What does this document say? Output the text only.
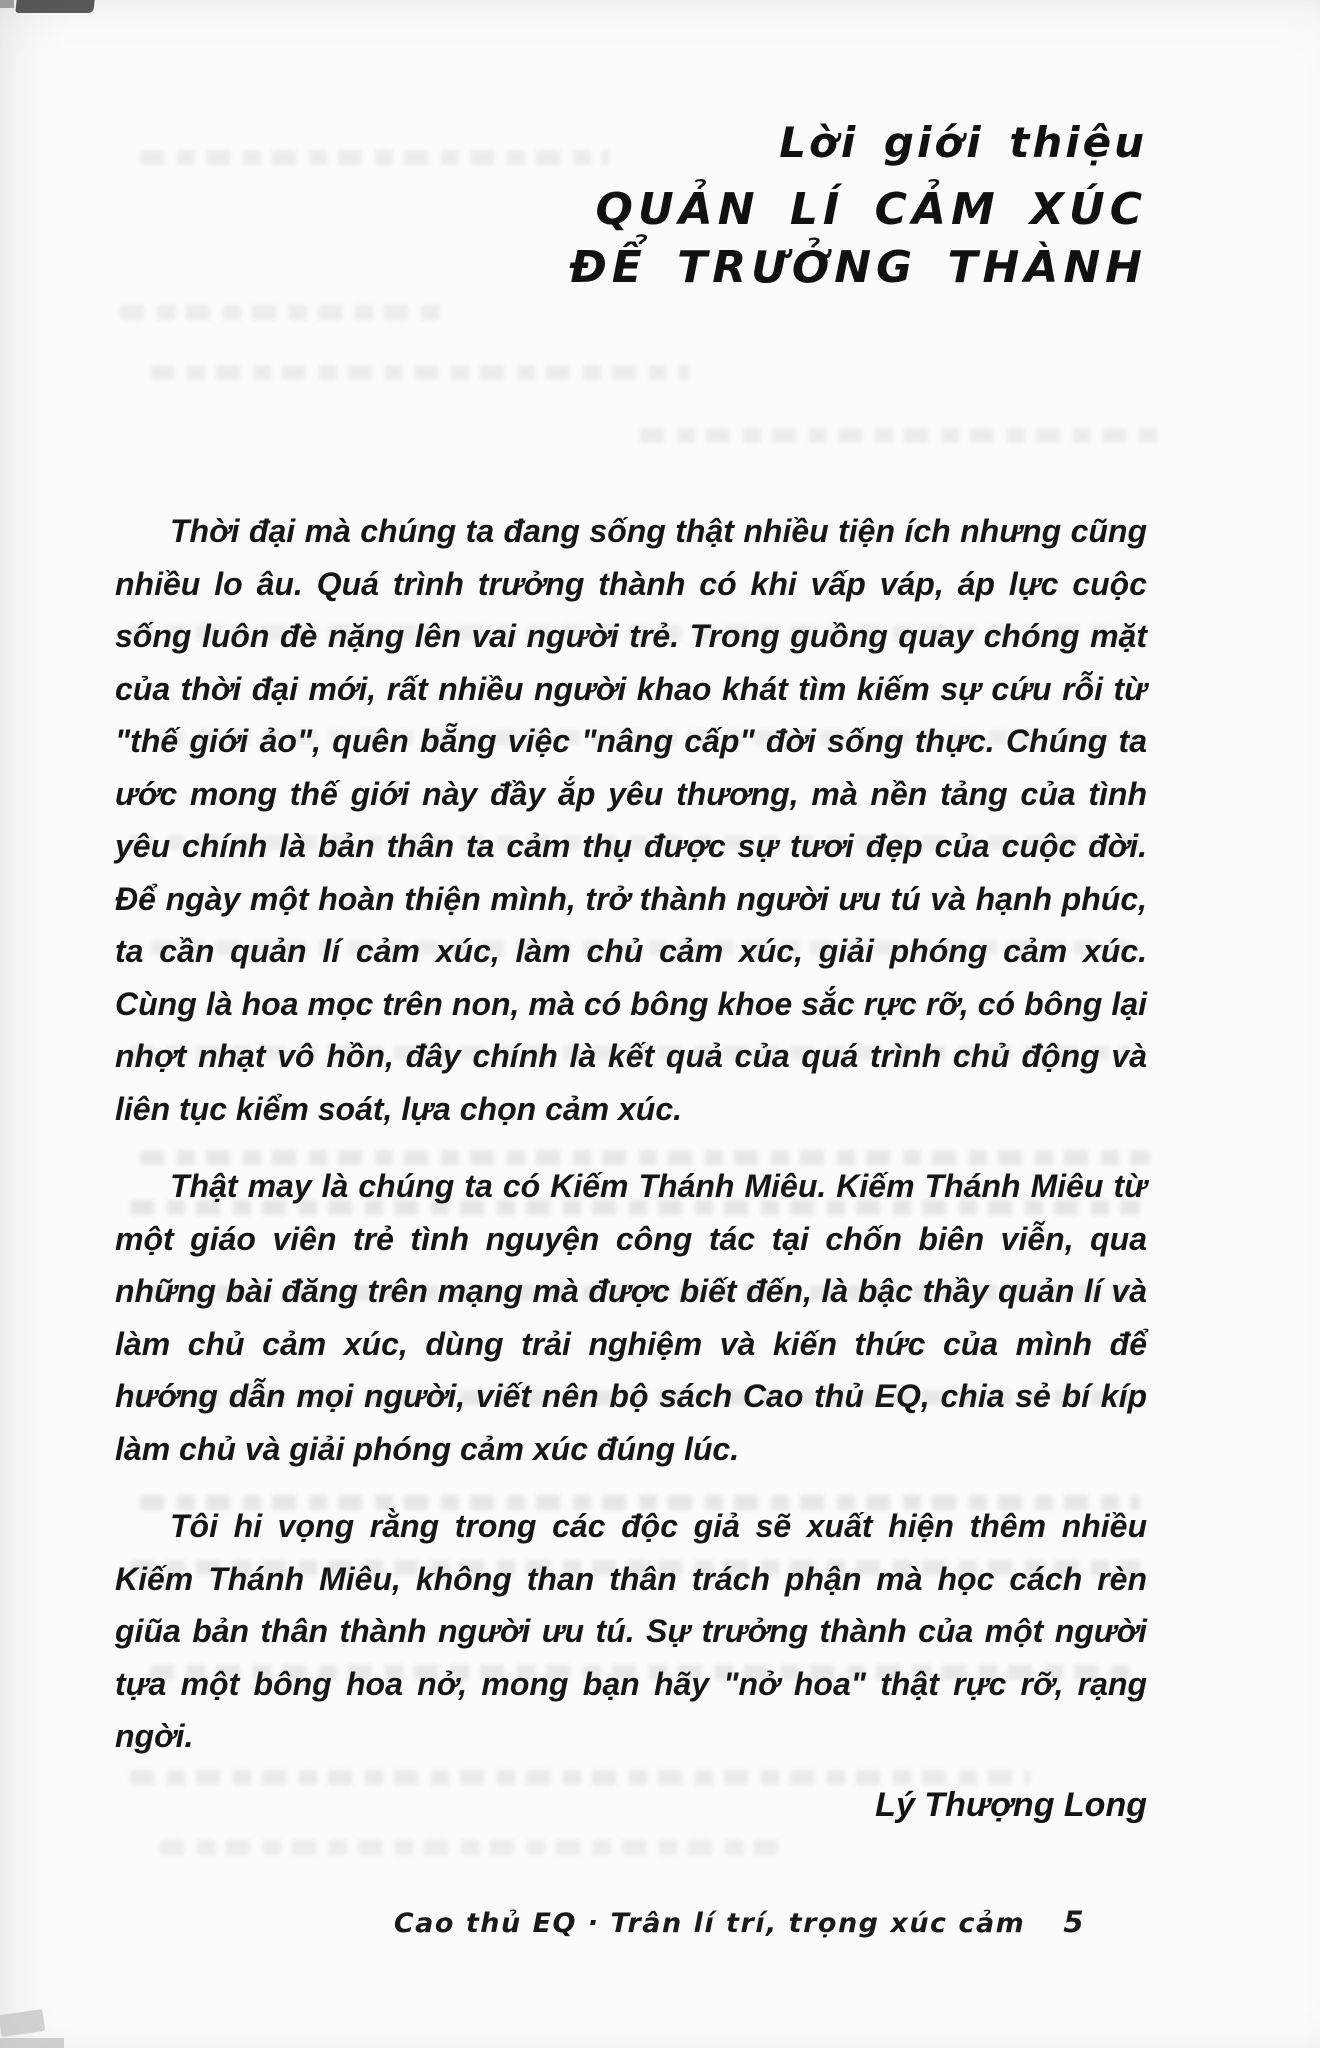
Lời giới thiệu
QUẢN LÍ CẢM XÚC
ĐỂ TRƯỞNG THÀNH

Thời đại mà chúng ta đang sống thật nhiều tiện ích nhưng cũng nhiều lo âu. Quá trình trưởng thành có khi vấp váp, áp lực cuộc sống luôn đè nặng lên vai người trẻ. Trong guồng quay chóng mặt của thời đại mới, rất nhiều người khao khát tìm kiếm sự cứu rỗi từ "thế giới ảo", quên bẵng việc "nâng cấp" đời sống thực. Chúng ta ước mong thế giới này đầy ắp yêu thương, mà nền tảng của tình yêu chính là bản thân ta cảm thụ được sự tươi đẹp của cuộc đời. Để ngày một hoàn thiện mình, trở thành người ưu tú và hạnh phúc, ta cần quản lí cảm xúc, làm chủ cảm xúc, giải phóng cảm xúc. Cùng là hoa mọc trên non, mà có bông khoe sắc rực rỡ, có bông lại nhợt nhạt vô hồn, đây chính là kết quả của quá trình chủ động và liên tục kiểm soát, lựa chọn cảm xúc.

Thật may là chúng ta có Kiếm Thánh Miêu. Kiếm Thánh Miêu từ một giáo viên trẻ tình nguyện công tác tại chốn biên viễn, qua những bài đăng trên mạng mà được biết đến, là bậc thầy quản lí và làm chủ cảm xúc, dùng trải nghiệm và kiến thức của mình để hướng dẫn mọi người, viết nên bộ sách Cao thủ EQ, chia sẻ bí kíp làm chủ và giải phóng cảm xúc đúng lúc.

Tôi hi vọng rằng trong các độc giả sẽ xuất hiện thêm nhiều Kiếm Thánh Miêu, không than thân trách phận mà học cách rèn giũa bản thân thành người ưu tú. Sự trưởng thành của một người tựa một bông hoa nở, mong bạn hãy "nở hoa" thật rực rỡ, rạng ngời.

Lý Thượng Long
Cao thủ EQ · Trân lí trí, trọng xúc cảm 5
